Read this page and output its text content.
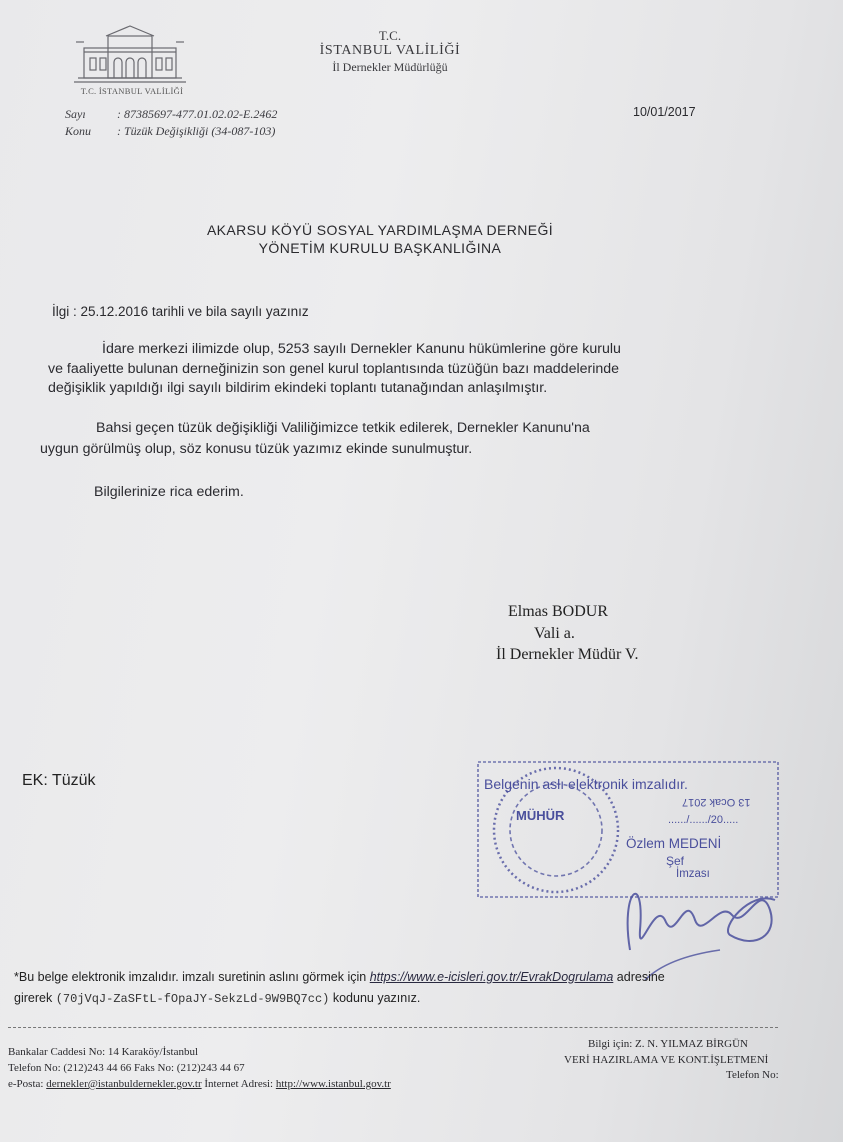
T.C. İSTANBUL VALİLİĞİ
T.C.
İSTANBUL VALİLİĞİ
İl Dernekler Müdürlüğü
Sayı	: 87385697-477.01.02.02-E.2462
Konu : Tüzük Değişikliği (34-087-103)
10/01/2017
AKARSU KÖYÜ SOSYAL YARDIMLAŞMA DERNEĞİ
YÖNETİM KURULU BAŞKANLIĞINA
İlgi : 25.12.2016 tarihli ve bila sayılı yazınız
İdare merkezi ilimizde olup, 5253 sayılı Dernekler Kanunu hükümlerine göre kurulu
ve faaliyette bulunan derneğinizin son genel kurul toplantısında tüzüğün bazı maddelerinde
değişiklik yapıldığı ilgi sayılı bildirim ekindeki toplantı tutanağından anlaşılmıştır.
Bahsi geçen tüzük değişikliği Valiliğimizce tetkik edilerek, Dernekler Kanunu'na
uygun görülmüş olup, söz konusu tüzük yazımız ekinde sunulmuştur.
Bilgilerinize rica ederim.
Elmas BODUR
Vali a.
İl Dernekler Müdür V.
EK: Tüzük	Belgenin aslı elektronik imzalıdır.
13 Ocak 2017
....../....../20.....
MÜHÜR
Özlem MEDENİ
Şef
İmzası
*Bu belge elektronik imzalıdır. imzalı suretinin aslını görmek için https://www.e-icisleri.gov.tr/EvrakDogrulama adresine
girerek (70jVqJ-ZaSFtL-fOpaJY-SekzLd-9W9BQ7cc) kodunu yazınız.
Bankalar Caddesi No: 14 Karaköy/İstanbul
Telefon No: (212)243 44 66 Faks No: (212)243 44 67
e-Posta: dernekler@istanbuldernekler.gov.tr İnternet Adresi: http://www.istanbul.gov.tr
Bilgi için: Z. N. YILMAZ BİRGÜN
VERİ HAZIRLAMA VE KONT.İŞLETMENİ
Telefon No:
